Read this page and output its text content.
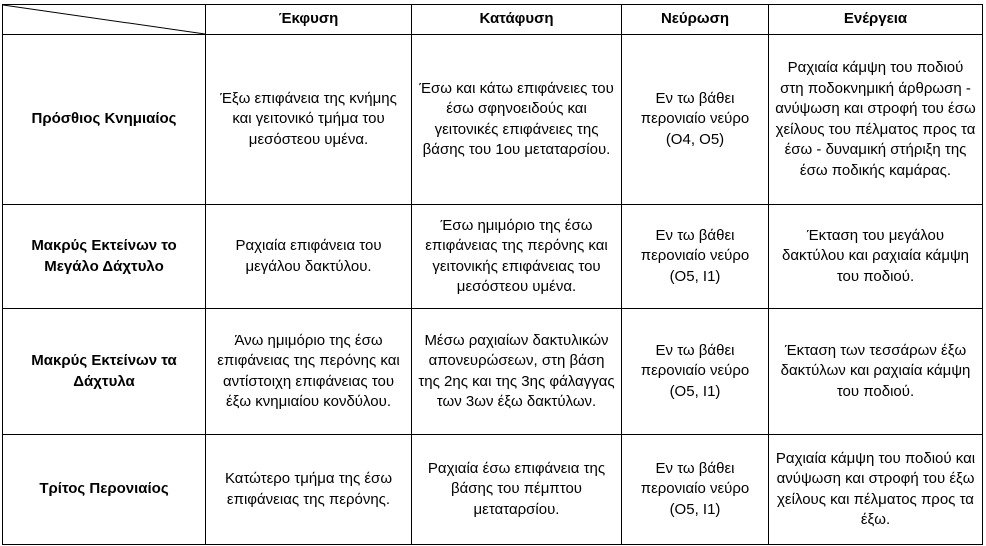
	Έκφυση	Κατάφυση	Νεύρωση	Ενέργεια
Πρόσθιος Κνημιαίος	Έξω επιφάνεια της κνήμης και γειτονικό τμήμα του μεσόστεου υμένα.	Έσω και κάτω επιφάνειες του έσω σφηνοειδούς και γειτονικές επιφάνειες της βάσης του 1ου μεταταρσίου.	Εν τω βάθει περονιαίο νεύρο (Ο4, Ο5)	Ραχιαία κάμψη του ποδιού στη ποδοκνημική άρθρωση - ανύψωση και στροφή του έσω χείλους του πέλματος προς τα έσω - δυναμική στήριξη της έσω ποδικής καμάρας.
Μακρύς Εκτείνων το Μεγάλο Δάχτυλο	Ραχιαία επιφάνεια του μεγάλου δακτύλου.	Έσω ημιμόριο της έσω επιφάνειας της περόνης και γειτονικής επιφάνειας του μεσόστεου υμένα.	Εν τω βάθει περονιαίο νεύρο (Ο5, Ι1)	Έκταση του μεγάλου δακτύλου και ραχιαία κάμψη του ποδιού.
Μακρύς Εκτείνων τα Δάχτυλα	Άνω ημιμόριο της έσω επιφάνειας της περόνης και αντίστοιχη επιφάνειας του έξω κνημιαίου κονδύλου.	Μέσω ραχιαίων δακτυλικών απονευρώσεων, στη βάση της 2ης και της 3ης φάλαγγας των 3ων έξω δακτύλων.	Εν τω βάθει περονιαίο νεύρο (Ο5, Ι1)	Έκταση των τεσσάρων έξω δακτύλων και ραχιαία κάμψη του ποδιού.
Τρίτος Περονιαίος	Κατώτερο τμήμα της έσω επιφάνειας της περόνης.	Ραχιαία έσω επιφάνεια της βάσης του πέμπτου μεταταρσίου.	Εν τω βάθει περονιαίο νεύρο (Ο5, Ι1)	Ραχιαία κάμψη του ποδιού και ανύψωση και στροφή του έξω χείλους και πέλματος προς τα έξω.
